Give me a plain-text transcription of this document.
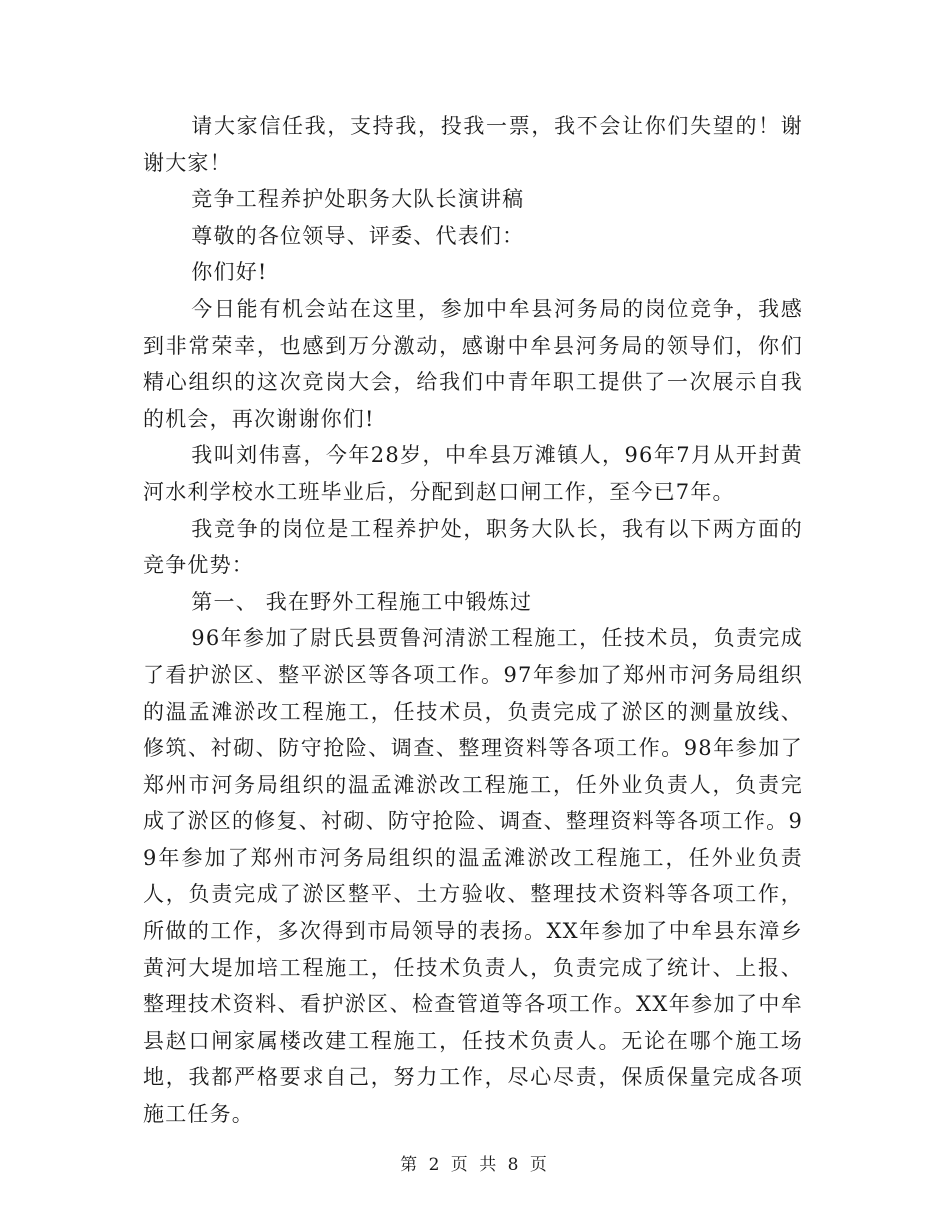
请大家信任我，支持我，投我一票，我不会让你们失望的！谢谢大家！

竞争工程养护处职务大队长演讲稿

尊敬的各位领导、评委、代表们：

你们好!

今日能有机会站在这里，参加中牟县河务局的岗位竞争，我感到非常荣幸，也感到万分激动，感谢中牟县河务局的领导们，你们精心组织的这次竞岗大会，给我们中青年职工提供了一次展示自我的机会，再次谢谢你们!

我叫刘伟喜，今年28岁，中牟县万滩镇人，96年7月从开封黄河水利学校水工班毕业后，分配到赵口闸工作，至今已7年。

我竞争的岗位是工程养护处，职务大队长，我有以下两方面的竞争优势：

第一、 我在野外工程施工中锻炼过

96年参加了尉氏县贾鲁河清淤工程施工，任技术员，负责完成了看护淤区、整平淤区等各项工作。97年参加了郑州市河务局组织的温孟滩淤改工程施工，任技术员，负责完成了淤区的测量放线、修筑、衬砌、防守抢险、调查、整理资料等各项工作。98年参加了郑州市河务局组织的温孟滩淤改工程施工，任外业负责人，负责完成了淤区的修复、衬砌、防守抢险、调查、整理资料等各项工作。99年参加了郑州市河务局组织的温孟滩淤改工程施工，任外业负责人，负责完成了淤区整平、土方验收、整理技术资料等各项工作，所做的工作，多次得到市局领导的表扬。XX年参加了中牟县东漳乡黄河大堤加培工程施工，任技术负责人，负责完成了统计、上报、整理技术资料、看护淤区、检查管道等各项工作。XX年参加了中牟县赵口闸家属楼改建工程施工，任技术负责人。无论在哪个施工场地，我都严格要求自己，努力工作，尽心尽责，保质保量完成各项施工任务。

第 2 页 共 8 页
